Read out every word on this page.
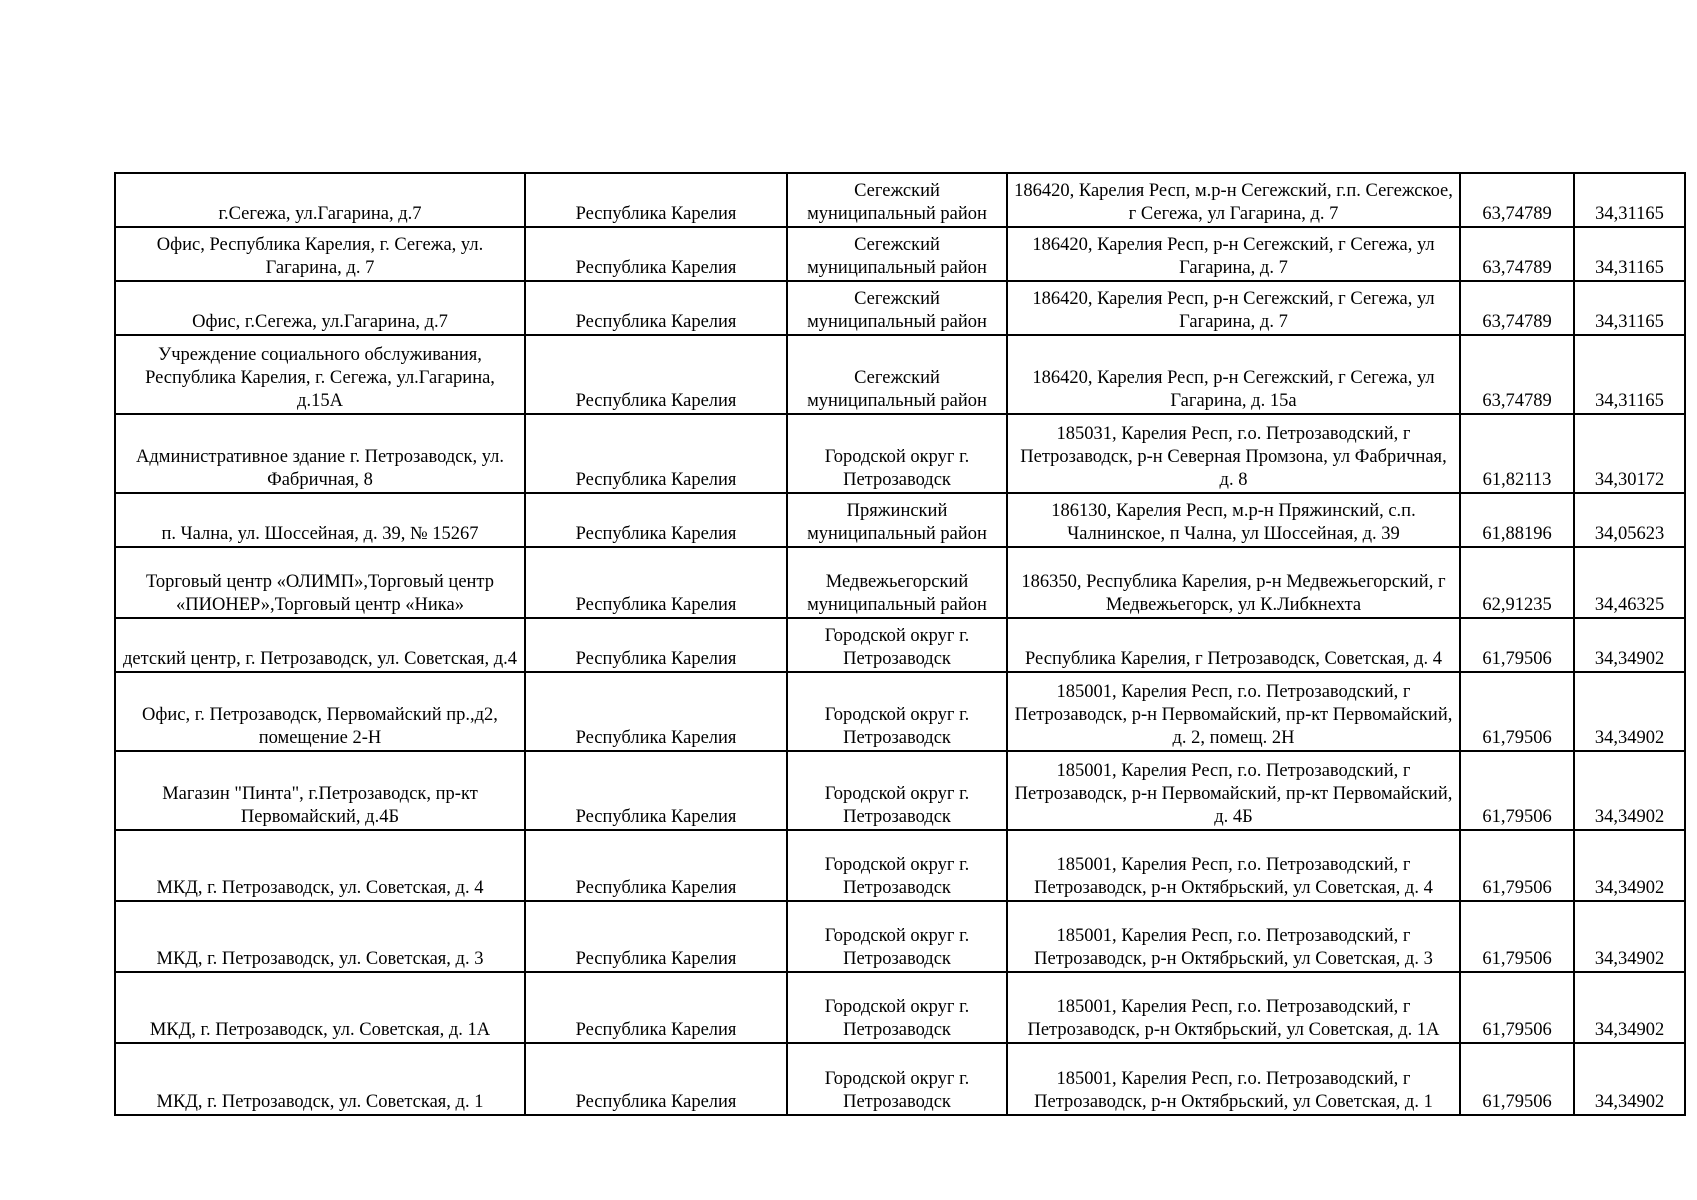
г.Сегежа, ул.Гагарина, д.7	Республика Карелия	Сегежский муниципальный район	186420, Карелия Респ, м.р-н Сегежский, г.п. Сегежское, г Сегежа, ул Гагарина, д. 7	63,74789	34,31165
Офис, Республика Карелия, г. Сегежа, ул. Гагарина, д. 7	Республика Карелия	Сегежский муниципальный район	186420, Карелия Респ, р-н Сегежский, г Сегежа, ул Гагарина, д. 7	63,74789	34,31165
Офис, г.Сегежа, ул.Гагарина, д.7	Республика Карелия	Сегежский муниципальный район	186420, Карелия Респ, р-н Сегежский, г Сегежа, ул Гагарина, д. 7	63,74789	34,31165
Учреждение социального обслуживания, Республика Карелия, г. Сегежа, ул.Гагарина, д.15А	Республика Карелия	Сегежский муниципальный район	186420, Карелия Респ, р-н Сегежский, г Сегежа, ул Гагарина, д. 15а	63,74789	34,31165
Административное здание г. Петрозаводск, ул. Фабричная, 8	Республика Карелия	Городской округ г. Петрозаводск	185031, Карелия Респ, г.о. Петрозаводский, г Петрозаводск, р-н Северная Промзона, ул Фабричная, д. 8	61,82113	34,30172
п. Чална, ул. Шоссейная, д. 39, № 15267	Республика Карелия	Пряжинский муниципальный район	186130, Карелия Респ, м.р-н Пряжинский, с.п. Чалнинское, п Чална, ул Шоссейная, д. 39	61,88196	34,05623
Торговый центр «ОЛИМП»,Торговый центр «ПИОНЕР»,Торговый центр «Ника»	Республика Карелия	Медвежьегорский муниципальный район	186350, Республика Карелия, р-н Медвежьегорский, г Медвежьегорск, ул К.Либкнехта	62,91235	34,46325
детский центр, г. Петрозаводск, ул. Советская, д.4	Республика Карелия	Городской округ г. Петрозаводск	Республика Карелия, г Петрозаводск, Советская, д. 4	61,79506	34,34902
Офис, г. Петрозаводск, Первомайский пр.,д2, помещение 2-Н	Республика Карелия	Городской округ г. Петрозаводск	185001, Карелия Респ, г.о. Петрозаводский, г Петрозаводск, р-н Первомайский, пр-кт Первомайский, д. 2, помещ. 2Н	61,79506	34,34902
Магазин "Пинта", г.Петрозаводск, пр-кт Первомайский, д.4Б	Республика Карелия	Городской округ г. Петрозаводск	185001, Карелия Респ, г.о. Петрозаводский, г Петрозаводск, р-н Первомайский, пр-кт Первомайский, д. 4Б	61,79506	34,34902
МКД, г. Петрозаводск, ул. Советская, д. 4	Республика Карелия	Городской округ г. Петрозаводск	185001, Карелия Респ, г.о. Петрозаводский, г Петрозаводск, р-н Октябрьский, ул Советская, д. 4	61,79506	34,34902
МКД, г. Петрозаводск, ул. Советская, д. 3	Республика Карелия	Городской округ г. Петрозаводск	185001, Карелия Респ, г.о. Петрозаводский, г Петрозаводск, р-н Октябрьский, ул Советская, д. 3	61,79506	34,34902
МКД, г. Петрозаводск, ул. Советская, д. 1А	Республика Карелия	Городской округ г. Петрозаводск	185001, Карелия Респ, г.о. Петрозаводский, г Петрозаводск, р-н Октябрьский, ул Советская, д. 1А	61,79506	34,34902
МКД, г. Петрозаводск, ул. Советская, д. 1	Республика Карелия	Городской округ г. Петрозаводск	185001, Карелия Респ, г.о. Петрозаводский, г Петрозаводск, р-н Октябрьский, ул Советская, д. 1	61,79506	34,34902
